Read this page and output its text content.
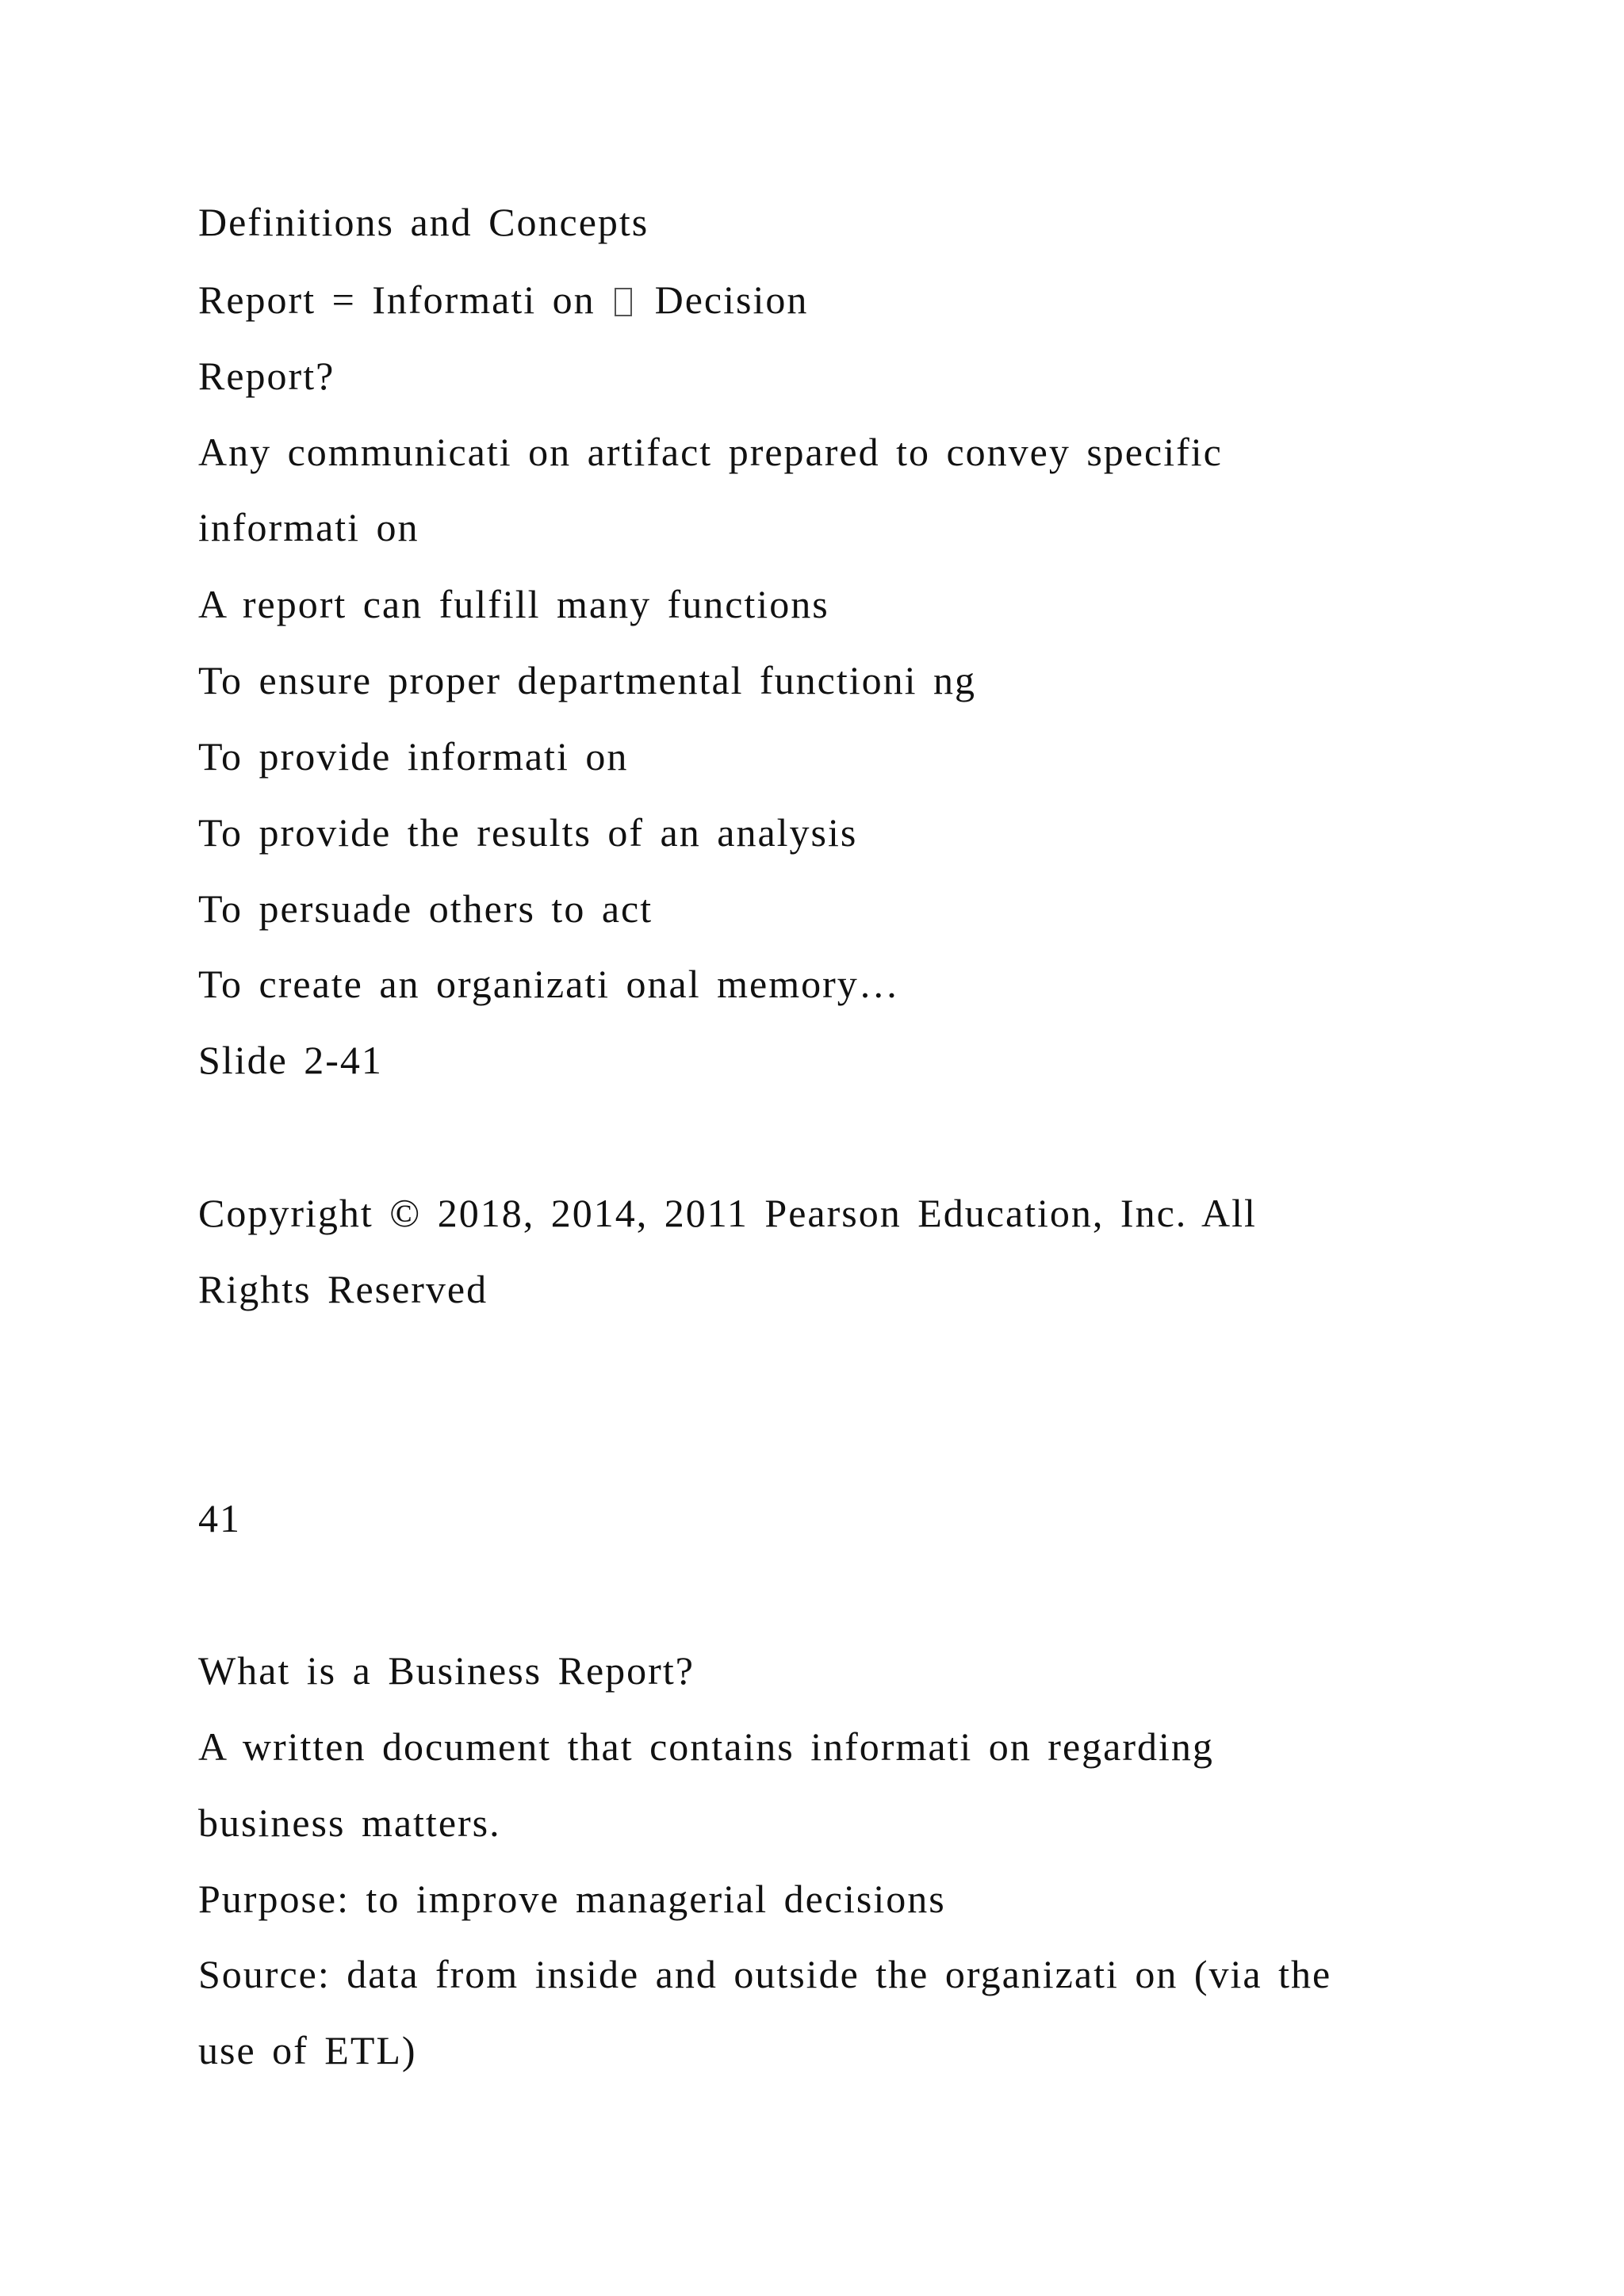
Definitions and Concepts
Report = Informati on Decision
Report?
Any communicati on artifact prepared to convey specific
informati on
A report can fulfill many functions
To ensure proper departmental functioni ng
To provide informati on
To provide the results of an analysis
To persuade others to act
To create an organizati onal memory…
Slide 2-41
Copyright © 2018, 2014, 2011 Pearson Education, Inc. All
Rights Reserved
41
What is a Business Report?
A written document that contains informati on regarding
business matters.
Purpose: to improve managerial decisions
Source: data from inside and outside the organizati on (via the
use of ETL)
